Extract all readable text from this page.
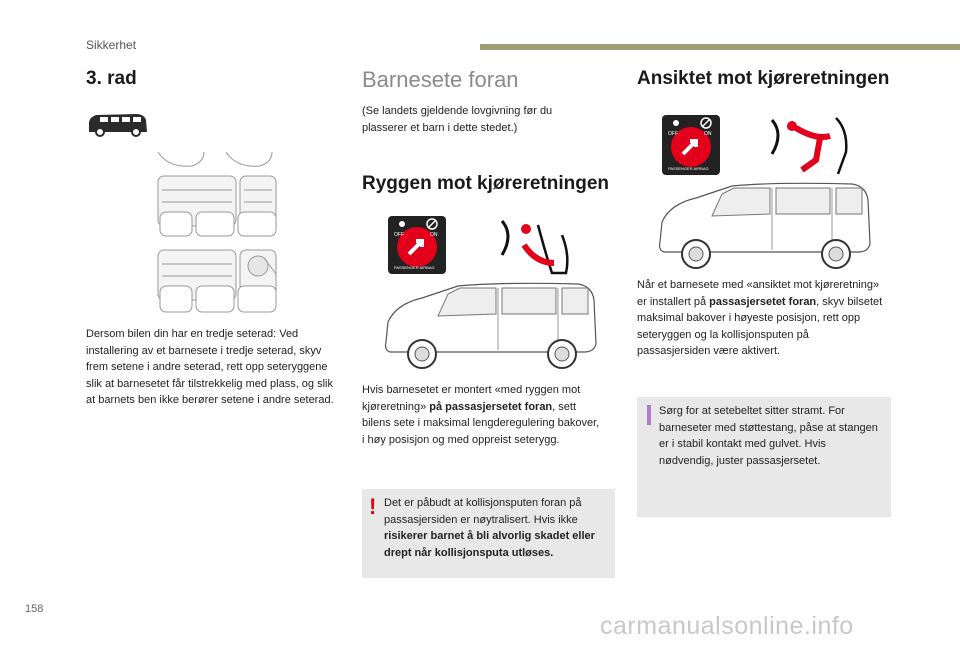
Sikkerhet
3. rad
Dersom bilen din har en tredje seterad: Ved installering av et barnesete i tredje seterad, skyv frem setene i andre seterad, rett opp seteryggene slik at barnesetet får tilstrekkelig med plass, og slik at barnets ben ikke berører setene i andre seterad.
Barnesete foran
(Se landets gjeldende lovgivning før du plasserer et barn i dette stedet.)
Ryggen mot kjøreretningen
OFF	ON
PASSENGER AIRBAG
Hvis barnesetet er montert «med ryggen mot kjøreretning» på passasjersetet foran, sett bilens sete i maksimal lengderegulering bakover, i høy posisjon og med oppreist seterygg.
! Det er påbudt at kollisjonsputen foran på passasjersiden er nøytralisert. Hvis ikke risikerer barnet å bli alvorlig skadet eller drept når kollisjonsputa utløses.
Ansiktet mot kjøreretningen
OFF	ON
PASSENGER AIRBAG
Når et barnesete med «ansiktet mot kjøreretning» er installert på passasjersetet foran, skyv bilsetet maksimal bakover i høyeste posisjon, rett opp seteryggen og la kollisjonsputen på passasjersiden være aktivert.
Sørg for at setebeltet sitter stramt. For barneseter med støttestang, påse at stangen er i stabil kontakt med gulvet. Hvis nødvendig, juster passasjersetet.
158
carmanualsonline.info
